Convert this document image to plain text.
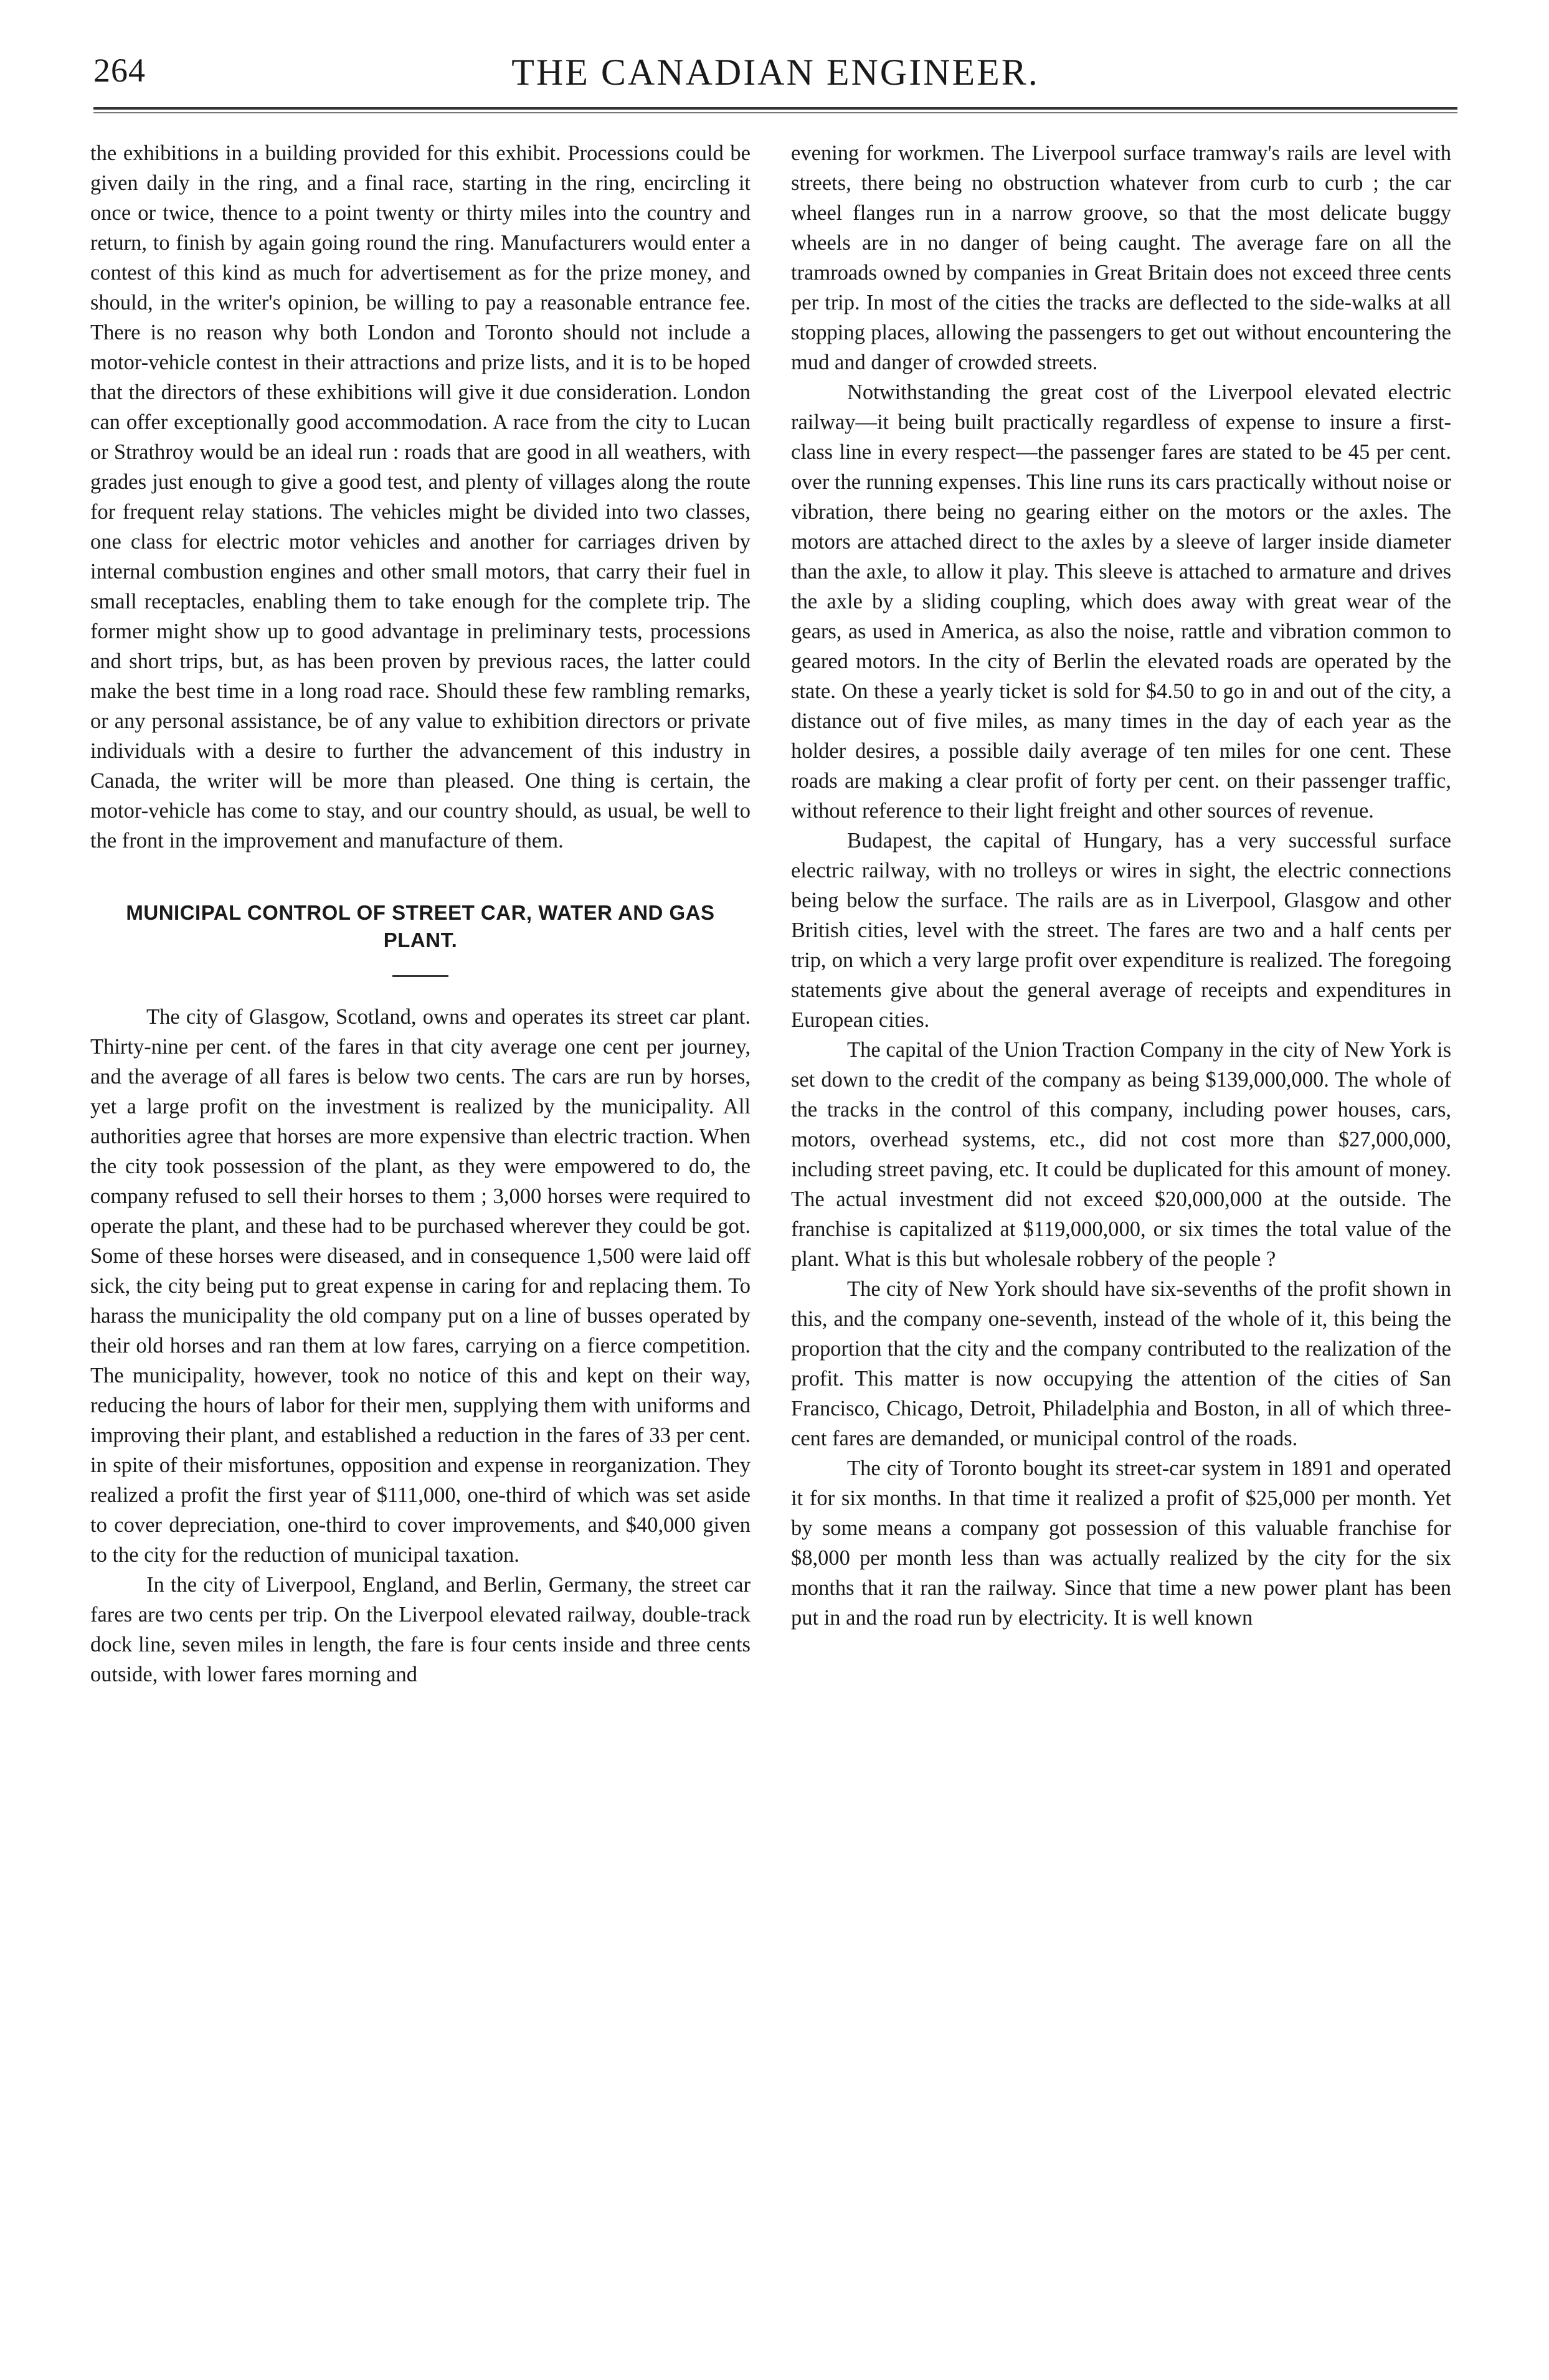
264	THE CANADIAN ENGINEER.

the exhibitions in a building provided for this exhibit. Processions could be given daily in the ring, and a final race, starting in the ring, encircling it once or twice, thence to a point twenty or thirty miles into the country and return, to finish by again going round the ring. Manufacturers would enter a contest of this kind as much for advertisement as for the prize money, and should, in the writer's opinion, be willing to pay a reasonable entrance fee. There is no reason why both London and Toronto should not include a motor-vehicle contest in their attractions and prize lists, and it is to be hoped that the directors of these exhibitions will give it due consideration. London can offer exceptionally good accommodation. A race from the city to Lucan or Strathroy would be an ideal run : roads that are good in all weathers, with grades just enough to give a good test, and plenty of villages along the route for frequent relay stations. The vehicles might be divided into two classes, one class for electric motor vehicles and another for carriages driven by internal combustion engines and other small motors, that carry their fuel in small receptacles, enabling them to take enough for the complete trip. The former might show up to good advantage in preliminary tests, processions and short trips, but, as has been proven by previous races, the latter could make the best time in a long road race. Should these few rambling remarks, or any personal assistance, be of any value to exhibition directors or private individuals with a desire to further the advancement of this industry in Canada, the writer will be more than pleased. One thing is certain, the motor-vehicle has come to stay, and our country should, as usual, be well to the front in the improvement and manufacture of them.

MUNICIPAL CONTROL OF STREET CAR, WATER AND GAS PLANT.

The city of Glasgow, Scotland, owns and operates its street car plant. Thirty-nine per cent. of the fares in that city average one cent per journey, and the average of all fares is below two cents. The cars are run by horses, yet a large profit on the investment is realized by the municipality. All authorities agree that horses are more expensive than electric traction. When the city took possession of the plant, as they were empowered to do, the company refused to sell their horses to them ; 3,000 horses were required to operate the plant, and these had to be purchased wherever they could be got. Some of these horses were diseased, and in consequence 1,500 were laid off sick, the city being put to great expense in caring for and replacing them. To harass the municipality the old company put on a line of busses operated by their old horses and ran them at low fares, carrying on a fierce competition. The municipality, however, took no notice of this and kept on their way, reducing the hours of labor for their men, supplying them with uniforms and improving their plant, and established a reduction in the fares of 33 per cent. in spite of their misfortunes, opposition and expense in reorganization. They realized a profit the first year of $111,000, one-third of which was set aside to cover depreciation, one-third to cover improvements, and $40,000 given to the city for the reduction of municipal taxation.

In the city of Liverpool, England, and Berlin, Germany, the street car fares are two cents per trip. On the Liverpool elevated railway, double-track dock line, seven miles in length, the fare is four cents inside and three cents outside, with lower fares morning and

evening for workmen. The Liverpool surface tramway's rails are level with streets, there being no obstruction whatever from curb to curb ; the car wheel flanges run in a narrow groove, so that the most delicate buggy wheels are in no danger of being caught. The average fare on all the tramroads owned by companies in Great Britain does not exceed three cents per trip. In most of the cities the tracks are deflected to the side-walks at all stopping places, allowing the passengers to get out without encountering the mud and danger of crowded streets.

Notwithstanding the great cost of the Liverpool elevated electric railway—it being built practically regardless of expense to insure a first-class line in every respect—the passenger fares are stated to be 45 per cent. over the running expenses. This line runs its cars practically without noise or vibration, there being no gearing either on the motors or the axles. The motors are attached direct to the axles by a sleeve of larger inside diameter than the axle, to allow it play. This sleeve is attached to armature and drives the axle by a sliding coupling, which does away with great wear of the gears, as used in America, as also the noise, rattle and vibration common to geared motors. In the city of Berlin the elevated roads are operated by the state. On these a yearly ticket is sold for $4.50 to go in and out of the city, a distance out of five miles, as many times in the day of each year as the holder desires, a possible daily average of ten miles for one cent. These roads are making a clear profit of forty per cent. on their passenger traffic, without reference to their light freight and other sources of revenue.

Budapest, the capital of Hungary, has a very successful surface electric railway, with no trolleys or wires in sight, the electric connections being below the surface. The rails are as in Liverpool, Glasgow and other British cities, level with the street. The fares are two and a half cents per trip, on which a very large profit over expenditure is realized. The foregoing statements give about the general average of receipts and expenditures in European cities.

The capital of the Union Traction Company in the city of New York is set down to the credit of the company as being $139,000,000. The whole of the tracks in the control of this company, including power houses, cars, motors, overhead systems, etc., did not cost more than $27,000,000, including street paving, etc. It could be duplicated for this amount of money. The actual investment did not exceed $20,000,000 at the outside. The franchise is capitalized at $119,000,000, or six times the total value of the plant. What is this but wholesale robbery of the people ?

The city of New York should have six-sevenths of the profit shown in this, and the company one-seventh, instead of the whole of it, this being the proportion that the city and the company contributed to the realization of the profit. This matter is now occupying the attention of the cities of San Francisco, Chicago, Detroit, Philadelphia and Boston, in all of which three-cent fares are demanded, or municipal control of the roads.

The city of Toronto bought its street-car system in 1891 and operated it for six months. In that time it realized a profit of $25,000 per month. Yet by some means a company got possession of this valuable franchise for $8,000 per month less than was actually realized by the city for the six months that it ran the railway. Since that time a new power plant has been put in and the road run by electricity. It is well known
